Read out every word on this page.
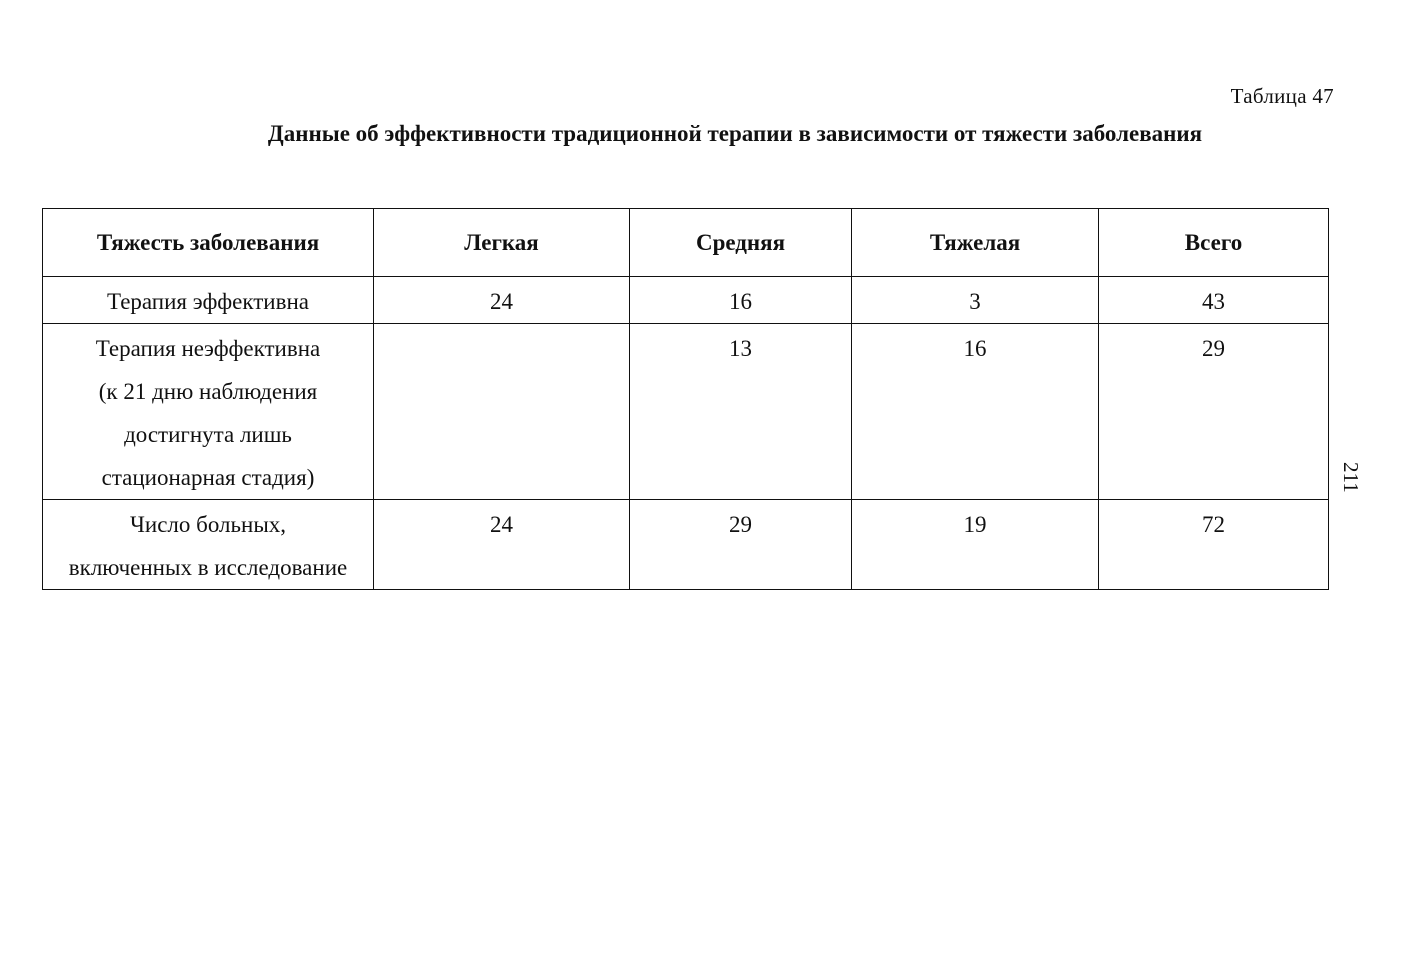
Таблица 47
Данные об эффективности традиционной терапии в зависимости от тяжести заболевания
Тяжесть заболевания	Легкая	Средняя	Тяжелая	Всего

Терапия эффективна	24	16	3	43

Терапия неэффективна
(к 21 дню наблюдения
достигнута лишь
стационарная стадия)		13	16	29

Число больных,
включенных в исследование	24	29	19	72
211
